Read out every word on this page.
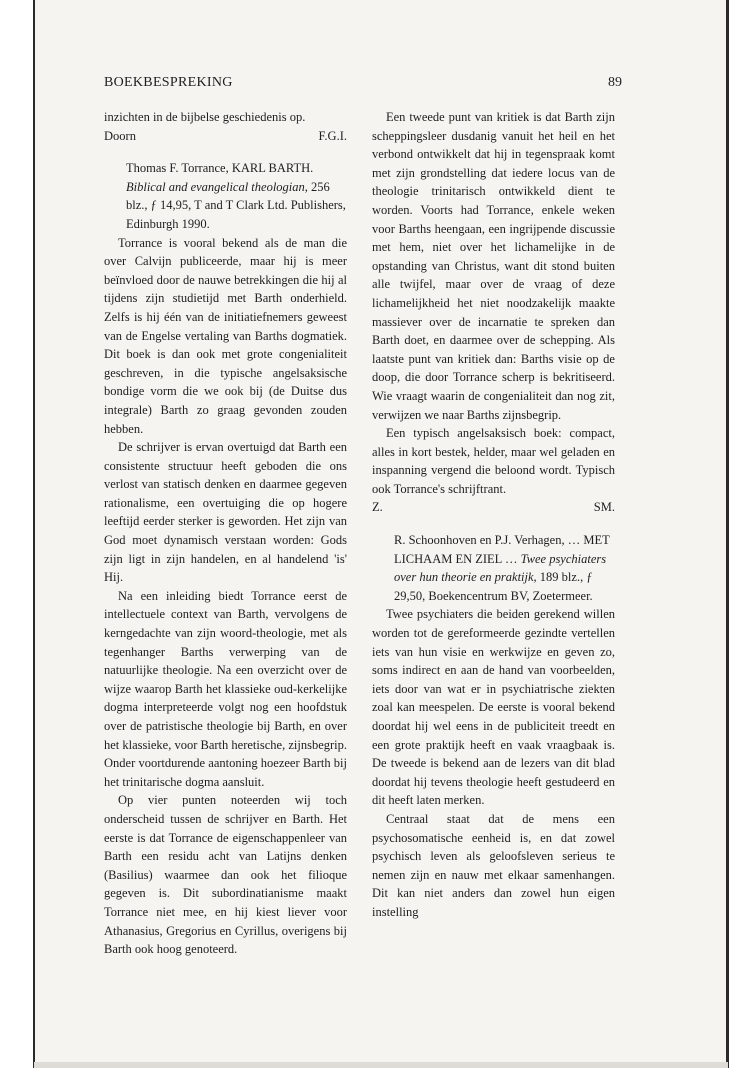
BOEKBESPREKING	89

inzichten in de bijbelse geschiedenis op.

Doorn	F.G.I.
Thomas F. Torrance, KARL BARTH. Biblical and evangelical theologian, 256 blz., ƒ 14,95, T and T Clark Ltd. Publishers, Edinburgh 1990.

Torrance is vooral bekend als de man die over Calvijn publiceerde, maar hij is meer beïnvloed door de nauwe betrekkingen die hij al tijdens zijn studietijd met Barth onderhield. Zelfs is hij één van de initiatiefnemers geweest van de Engelse vertaling van Barths dogmatiek. Dit boek is dan ook met grote congenialiteit geschreven, in die typische angelsaksische bondige vorm die we ook bij (de Duitse dus integrale) Barth zo graag gevonden zouden hebben.

De schrijver is ervan overtuigd dat Barth een consistente structuur heeft geboden die ons verlost van statisch denken en daarmee gegeven rationalisme, een overtuiging die op hogere leeftijd eerder sterker is geworden. Het zijn van God moet dynamisch verstaan worden: Gods zijn ligt in zijn handelen, en al handelend 'is' Hij.

Na een inleiding biedt Torrance eerst de intellectuele context van Barth, vervolgens de kerngedachte van zijn woord-theologie, met als tegenhanger Barths verwerping van de natuurlijke theologie. Na een overzicht over de wijze waarop Barth het klassieke oud-kerkelijke dogma interpreteerde volgt nog een hoofdstuk over de patristische theologie bij Barth, en over het klassieke, voor Barth heretische, zijnsbegrip. Onder voortdurende aantoning hoezeer Barth bij het trinitarische dogma aansluit.

Op vier punten noteerden wij toch onderscheid tussen de schrijver en Barth. Het eerste is dat Torrance de eigenschappenleer van Barth een residu acht van Latijns denken (Basilius) waarmee dan ook het filioque gegeven is. Dit subordinatianisme maakt Torrance niet mee, en hij kiest liever voor Athanasius, Gregorius en Cyrillus, overigens bij Barth ook hoog genoteerd.

Een tweede punt van kritiek is dat Barth zijn scheppingsleer dusdanig vanuit het heil en het verbond ontwikkelt dat hij in tegenspraak komt met zijn grondstelling dat iedere locus van de theologie trinitarisch ontwikkeld dient te worden. Voorts had Torrance, enkele weken voor Barths heengaan, een ingrijpende discussie met hem, niet over het lichamelijke in de opstanding van Christus, want dit stond buiten alle twijfel, maar over de vraag of deze lichamelijkheid het niet noodzakelijk maakte massiever over de incarnatie te spreken dan Barth doet, en daarmee over de schepping. Als laatste punt van kritiek dan: Barths visie op de doop, die door Torrance scherp is bekritiseerd. Wie vraagt waarin de congenialiteit dan nog zit, verwijzen we naar Barths zijnsbegrip.

Een typisch angelsaksisch boek: compact, alles in kort bestek, helder, maar wel geladen en inspanning vergend die beloond wordt. Typisch ook Torrance's schrijftrant.

Z.	SM.
R. Schoonhoven en P.J. Verhagen, … MET LICHAAM EN ZIEL … Twee psychiaters over hun theorie en praktijk, 189 blz., ƒ 29,50, Boekencentrum BV, Zoetermeer.

Twee psychiaters die beiden gerekend willen worden tot de gereformeerde gezindte vertellen iets van hun visie en werkwijze en geven zo, soms indirect en aan de hand van voorbeelden, iets door van wat er in psychiatrische ziekten zoal kan meespelen. De eerste is vooral bekend doordat hij wel eens in de publiciteit treedt en een grote praktijk heeft en vaak vraagbaak is. De tweede is bekend aan de lezers van dit blad doordat hij tevens theologie heeft gestudeerd en dit heeft laten merken.

Centraal staat dat de mens een psychosomatische eenheid is, en dat zowel psychisch leven als geloofsleven serieus te nemen zijn en nauw met elkaar samenhangen. Dit kan niet anders dan zowel hun eigen instelling
